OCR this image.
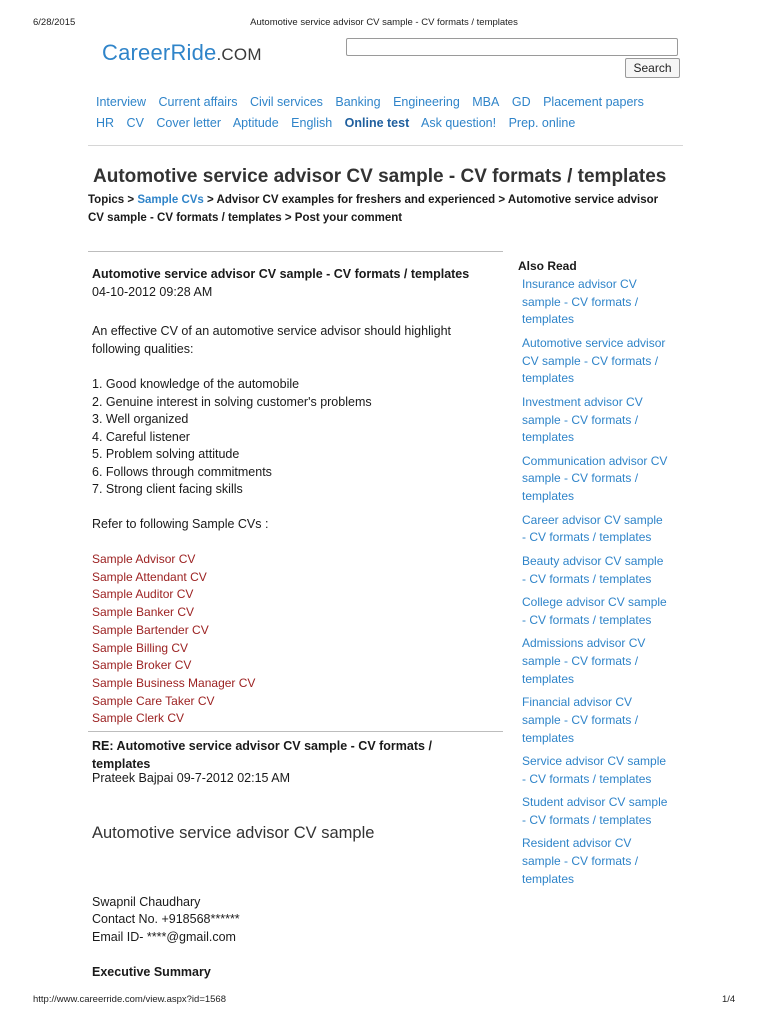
6/28/2015	Automotive service advisor CV sample - CV formats / templates
CareerRide.COM
Search
Interview Current affairs Civil services Banking Engineering MBA GD Placement papers
HR CV Cover letter Aptitude English Online test Ask question! Prep. online
Automotive service advisor CV sample - CV formats / templates
Topics > Sample CVs > Advisor CV examples for freshers and experienced > Automotive service advisor CV sample - CV formats / templates > Post your comment
Automotive service advisor CV sample - CV formats / templates
04-10-2012 09:28 AM
An effective CV of an automotive service advisor should highlight following qualities:
1. Good knowledge of the automobile
2. Genuine interest in solving customer's problems
3. Well organized
4. Careful listener
5. Problem solving attitude
6. Follows through commitments
7. Strong client facing skills
Refer to following Sample CVs :
Sample Advisor CV
Sample Attendant CV
Sample Auditor CV
Sample Banker CV
Sample Bartender CV
Sample Billing CV
Sample Broker CV
Sample Business Manager CV
Sample Care Taker CV
Sample Clerk CV
RE: Automotive service advisor CV sample - CV formats / templates
Prateek Bajpai 09-7-2012 02:15 AM
Automotive service advisor CV sample
Swapnil Chaudhary
Contact No. +918568******
Email ID- ****@gmail.com
Executive Summary
Also Read
Insurance advisor CV sample - CV formats / templates
Automotive service advisor CV sample - CV formats / templates
Investment advisor CV sample - CV formats / templates
Communication advisor CV sample - CV formats / templates
Career advisor CV sample - CV formats / templates
Beauty advisor CV sample - CV formats / templates
College advisor CV sample - CV formats / templates
Admissions advisor CV sample - CV formats / templates
Financial advisor CV sample - CV formats / templates
Service advisor CV sample - CV formats / templates
Student advisor CV sample - CV formats / templates
Resident advisor CV sample - CV formats / templates
http://www.careerride.com/view.aspx?id=1568	1/4
